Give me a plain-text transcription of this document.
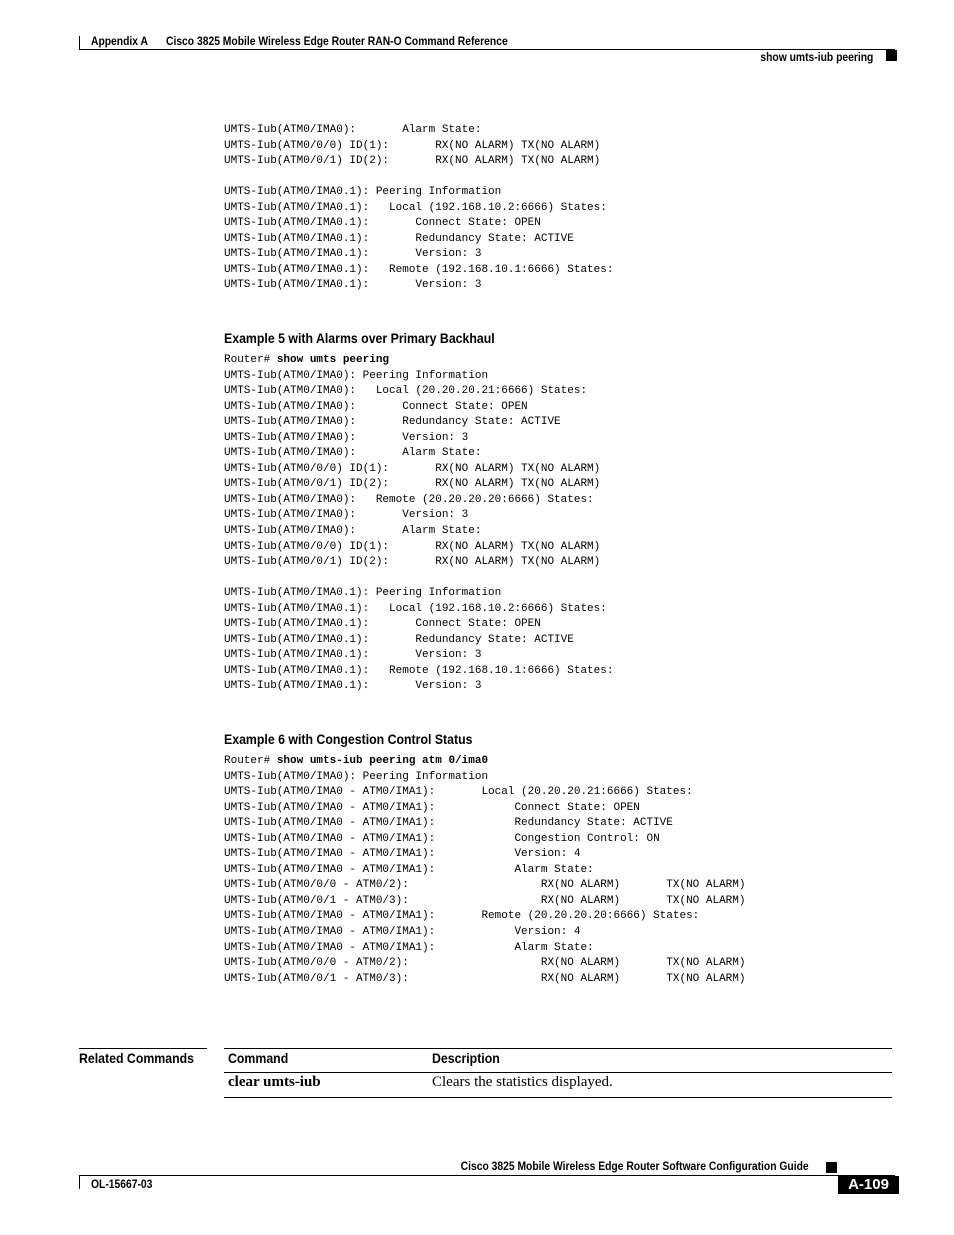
Appendix A Cisco 3825 Mobile Wireless Edge Router RAN-O Command Reference
show umts-iub peering
UMTS-Iub(ATM0/IMA0):       Alarm State:
UMTS-Iub(ATM0/0/0) ID(1):       RX(NO ALARM) TX(NO ALARM)
UMTS-Iub(ATM0/0/1) ID(2):       RX(NO ALARM) TX(NO ALARM)

UMTS-Iub(ATM0/IMA0.1): Peering Information
UMTS-Iub(ATM0/IMA0.1):   Local (192.168.10.2:6666) States:
UMTS-Iub(ATM0/IMA0.1):       Connect State: OPEN
UMTS-Iub(ATM0/IMA0.1):       Redundancy State: ACTIVE
UMTS-Iub(ATM0/IMA0.1):       Version: 3
UMTS-Iub(ATM0/IMA0.1):   Remote (192.168.10.1:6666) States:
UMTS-Iub(ATM0/IMA0.1):       Version: 3
Example 5 with Alarms over Primary Backhaul
Router# show umts peering
UMTS-Iub(ATM0/IMA0): Peering Information
UMTS-Iub(ATM0/IMA0):   Local (20.20.20.21:6666) States:
UMTS-Iub(ATM0/IMA0):       Connect State: OPEN
UMTS-Iub(ATM0/IMA0):       Redundancy State: ACTIVE
UMTS-Iub(ATM0/IMA0):       Version: 3
UMTS-Iub(ATM0/IMA0):       Alarm State:
UMTS-Iub(ATM0/0/0) ID(1):       RX(NO ALARM) TX(NO ALARM)
UMTS-Iub(ATM0/0/1) ID(2):       RX(NO ALARM) TX(NO ALARM)
UMTS-Iub(ATM0/IMA0):   Remote (20.20.20.20:6666) States:
UMTS-Iub(ATM0/IMA0):       Version: 3
UMTS-Iub(ATM0/IMA0):       Alarm State:
UMTS-Iub(ATM0/0/0) ID(1):       RX(NO ALARM) TX(NO ALARM)
UMTS-Iub(ATM0/0/1) ID(2):       RX(NO ALARM) TX(NO ALARM)

UMTS-Iub(ATM0/IMA0.1): Peering Information
UMTS-Iub(ATM0/IMA0.1):   Local (192.168.10.2:6666) States:
UMTS-Iub(ATM0/IMA0.1):       Connect State: OPEN
UMTS-Iub(ATM0/IMA0.1):       Redundancy State: ACTIVE
UMTS-Iub(ATM0/IMA0.1):       Version: 3
UMTS-Iub(ATM0/IMA0.1):   Remote (192.168.10.1:6666) States:
UMTS-Iub(ATM0/IMA0.1):       Version: 3
Example 6 with Congestion Control Status
Router# show umts-iub peering atm 0/ima0
UMTS-Iub(ATM0/IMA0): Peering Information
UMTS-Iub(ATM0/IMA0 - ATM0/IMA1):       Local (20.20.20.21:6666) States:
UMTS-Iub(ATM0/IMA0 - ATM0/IMA1):            Connect State: OPEN
UMTS-Iub(ATM0/IMA0 - ATM0/IMA1):            Redundancy State: ACTIVE
UMTS-Iub(ATM0/IMA0 - ATM0/IMA1):            Congestion Control: ON
UMTS-Iub(ATM0/IMA0 - ATM0/IMA1):            Version: 4
UMTS-Iub(ATM0/IMA0 - ATM0/IMA1):            Alarm State:
UMTS-Iub(ATM0/0/0 - ATM0/2):                    RX(NO ALARM)       TX(NO ALARM)
UMTS-Iub(ATM0/0/1 - ATM0/3):                    RX(NO ALARM)       TX(NO ALARM)
UMTS-Iub(ATM0/IMA0 - ATM0/IMA1):       Remote (20.20.20.20:6666) States:
UMTS-Iub(ATM0/IMA0 - ATM0/IMA1):            Version: 4
UMTS-Iub(ATM0/IMA0 - ATM0/IMA1):            Alarm State:
UMTS-Iub(ATM0/0/0 - ATM0/2):                    RX(NO ALARM)       TX(NO ALARM)
UMTS-Iub(ATM0/0/1 - ATM0/3):                    RX(NO ALARM)       TX(NO ALARM)
Related Commands Command	Description
clear umts-iub	Clears the statistics displayed.
Cisco 3825 Mobile Wireless Edge Router Software Configuration Guide
OL-15667-03	A-109
